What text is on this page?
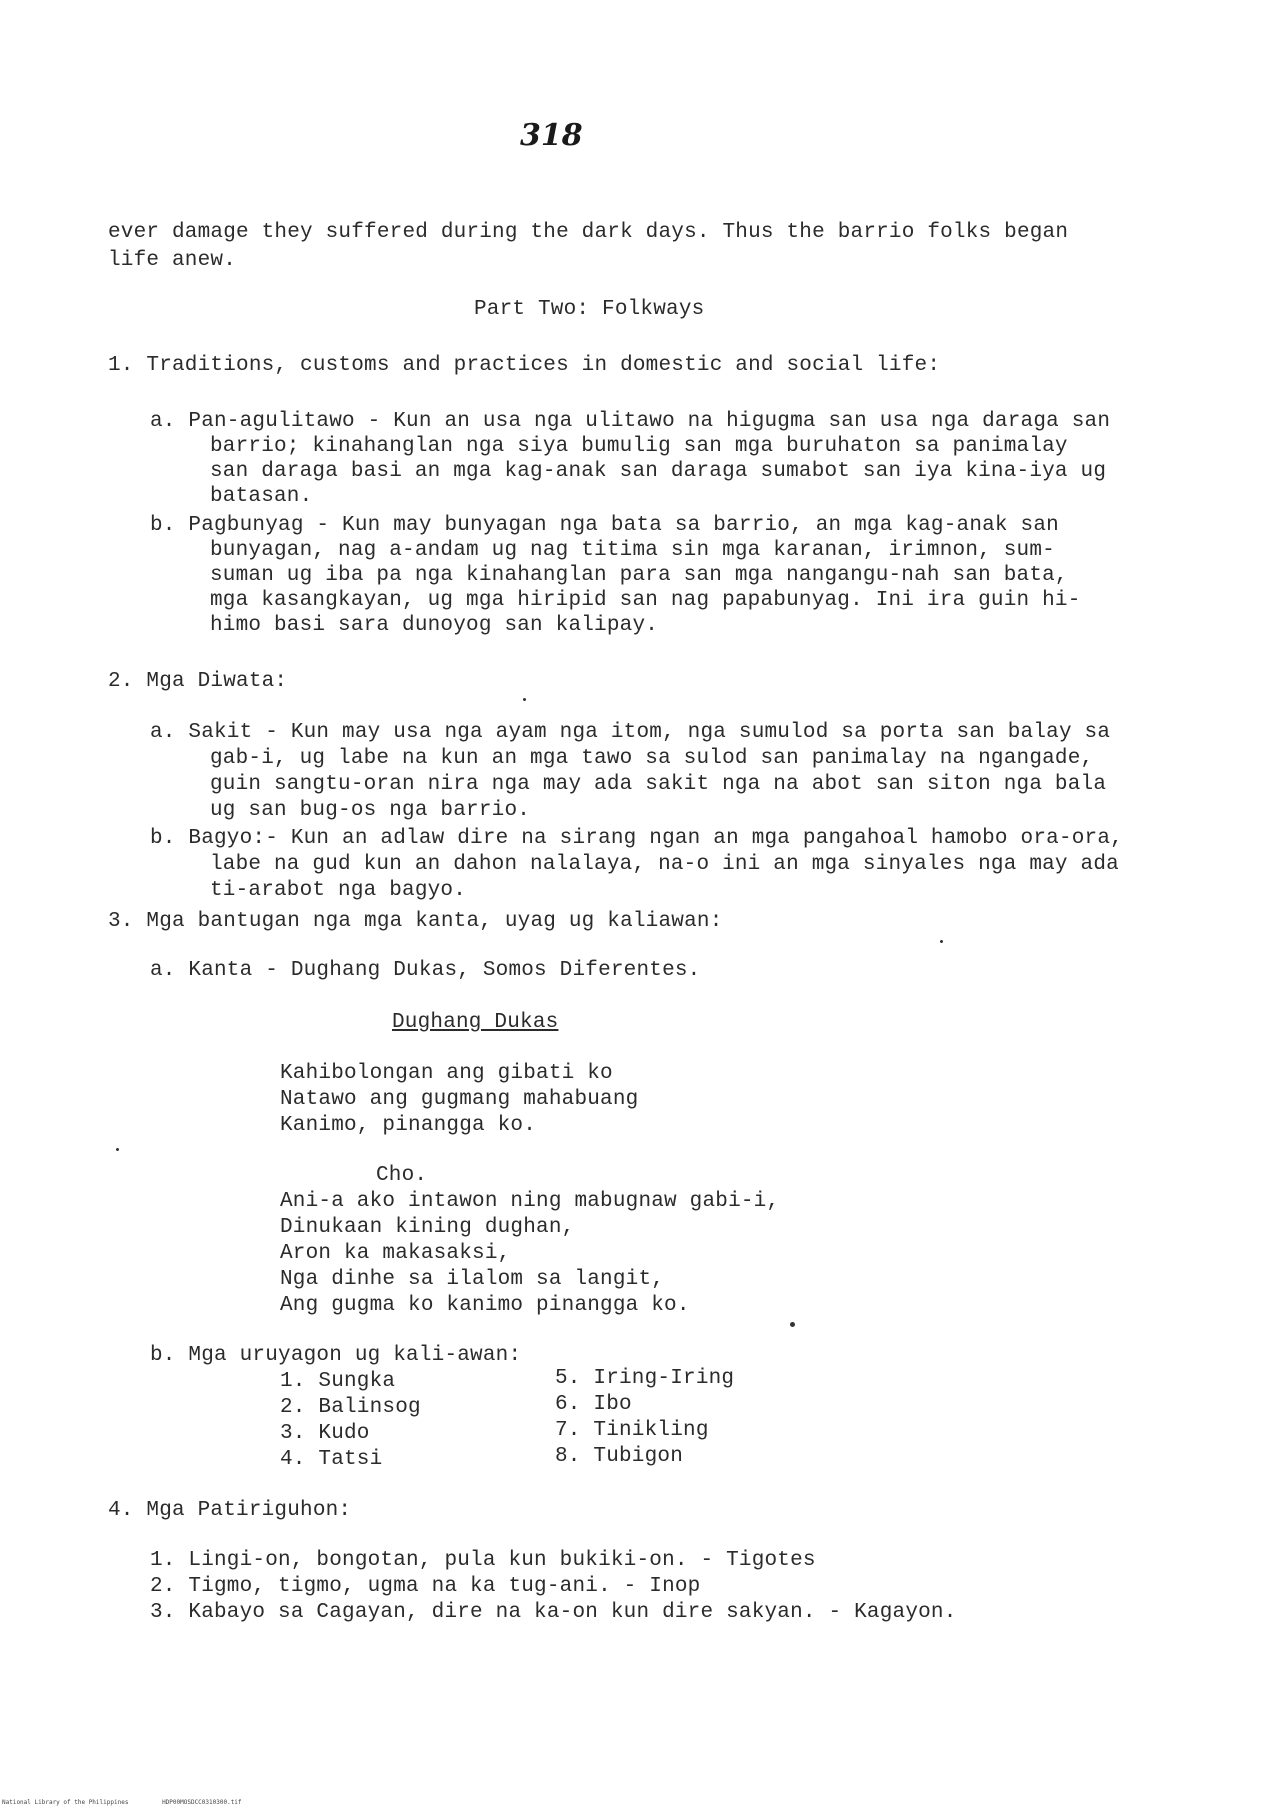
318
ever damage they suffered during the dark days. Thus the barrio folks began
life anew.
Part Two: Folkways
1. Traditions, customs and practices in domestic and social life:
a. Pan-agulitawo - Kun an usa nga ulitawo na higugma san usa nga daraga san
barrio; kinahanglan nga siya bumulig san mga buruhaton sa panimalay
san daraga basi an mga kag-anak san daraga sumabot san iya kina-iya ug
batasan.
b. Pagbunyag - Kun may bunyagan nga bata sa barrio, an mga kag-anak san
bunyagan, nag a-andam ug nag titima sin mga karanan, irimnon, sum-
suman ug iba pa nga kinahanglan para san mga nangangu-nah san bata,
mga kasangkayan, ug mga hiripid san nag papabunyag. Ini ira guin hi-
himo basi sara dunoyog san kalipay.
2. Mga Diwata:
a. Sakit - Kun may usa nga ayam nga itom, nga sumulod sa porta san balay sa
gab-i, ug labe na kun an mga tawo sa sulod san panimalay na ngangade,
guin sangtu-oran nira nga may ada sakit nga na abot san siton nga bala
ug san bug-os nga barrio.
b. Bagyo:- Kun an adlaw dire na sirang ngan an mga pangahoal hamobo ora-ora,
labe na gud kun an dahon nalalaya, na-o ini an mga sinyales nga may ada
ti-arabot nga bagyo.
3. Mga bantugan nga mga kanta, uyag ug kaliawan:
a. Kanta - Dughang Dukas, Somos Diferentes.
Dughang Dukas
Kahibolongan ang gibati ko
Natawo ang gugmang mahabuang
Kanimo, pinangga ko.
Cho.
Ani-a ako intawon ning mabugnaw gabi-i,
Dinukaan kining dughan,
Aron ka makasaksi,
Nga dinhe sa ilalom sa langit,
Ang gugma ko kanimo pinangga ko.
b. Mga uruyagon ug kali-awan:
1. Sungka
2. Balinsog
3. Kudo
4. Tatsi
5. Iring-Iring
6. Ibo
7. Tinikling
8. Tubigon
4. Mga Patiriguhon:
1. Lingi-on, bongotan, pula kun bukiki-on. - Tigotes
2. Tigmo, tigmo, ugma na ka tug-ani. - Inop
3. Kabayo sa Cagayan, dire na ka-on kun dire sakyan. - Kagayon.
National Library of the Philippines	HDP00MOSDCC0310300.tif
